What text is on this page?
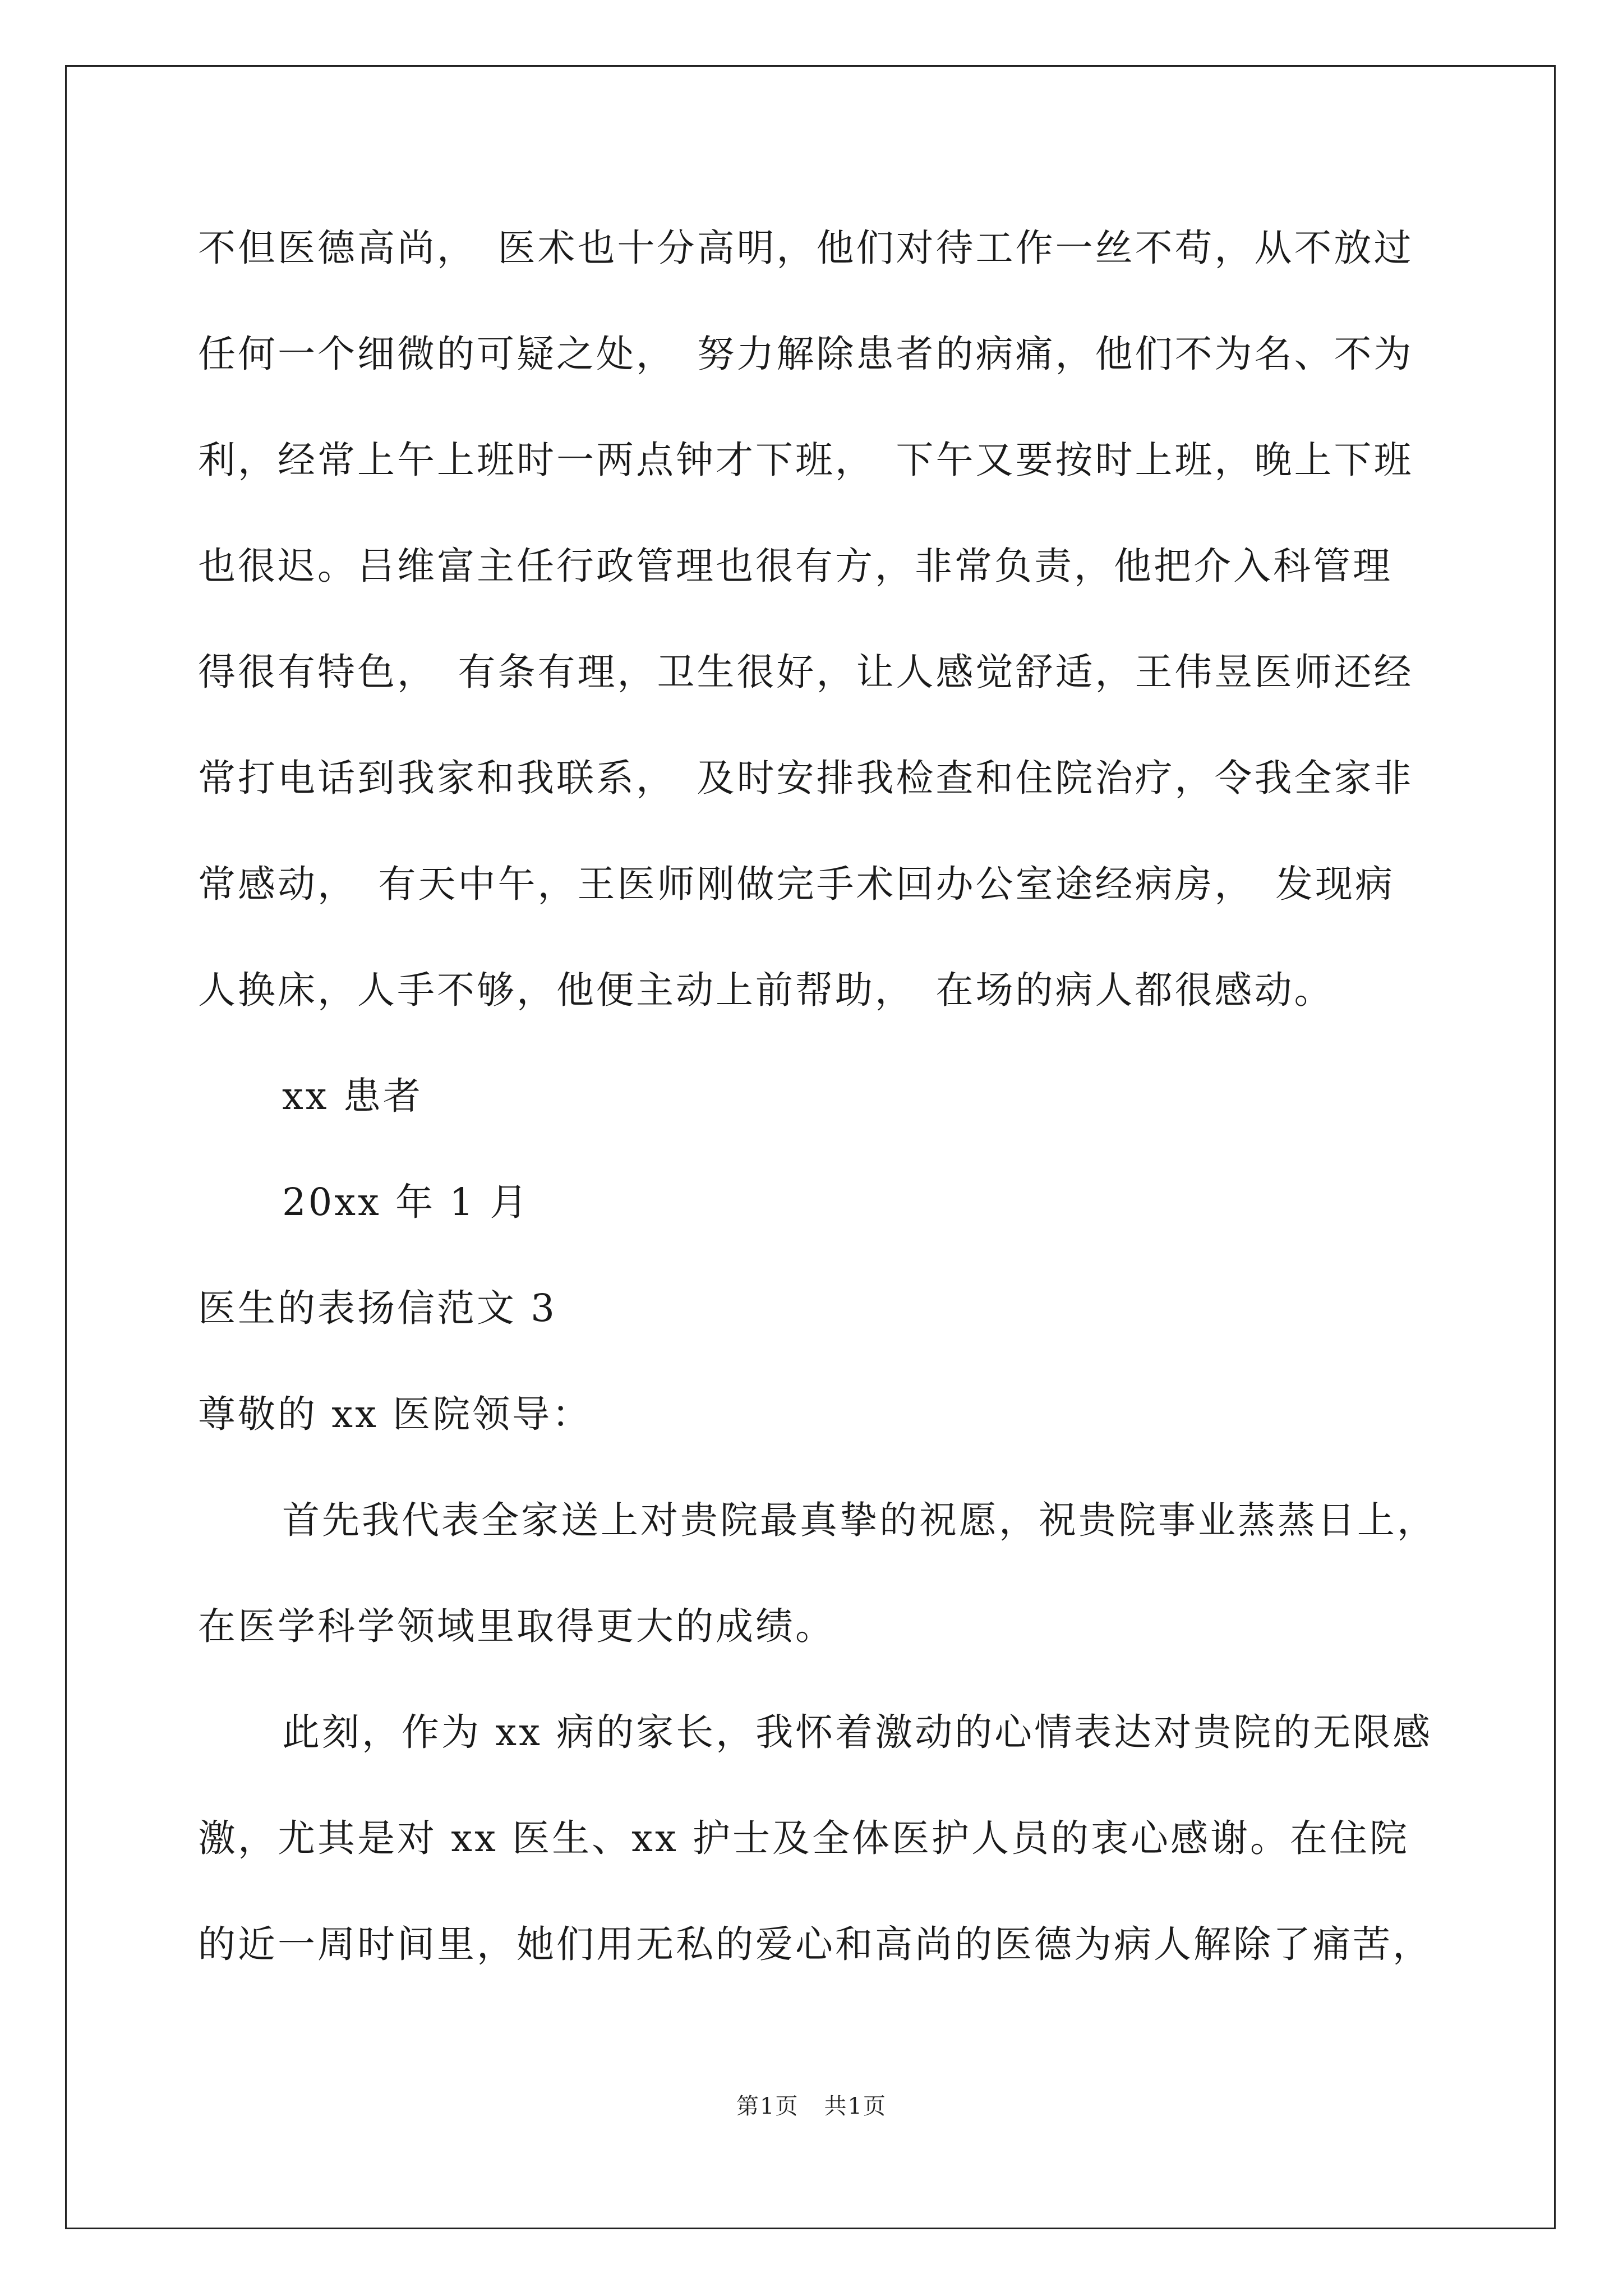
不但医德高尚，　医术也十分高明，他们对待工作一丝不苟，从不放过
任何一个细微的可疑之处，　努力解除患者的病痛，他们不为名、不为
利，经常上午上班时一两点钟才下班，　下午又要按时上班，晚上下班
也很迟。吕维富主任行政管理也很有方，非常负责，他把介入科管理
得很有特色，　有条有理，卫生很好，让人感觉舒适，王伟昱医师还经
常打电话到我家和我联系，　及时安排我检查和住院治疗，令我全家非
常感动，　有天中午，王医师刚做完手术回办公室途经病房，　发现病
人换床，人手不够，他便主动上前帮助，　在场的病人都很感动。
xx 患者
20xx 年 1 月
医生的表扬信范文 3
尊敬的 xx 医院领导：
首先我代表全家送上对贵院最真挚的祝愿，祝贵院事业蒸蒸日上，
在医学科学领域里取得更大的成绩。
此刻，作为 xx 病的家长，我怀着激动的心情表达对贵院的无限感
激，尤其是对 xx 医生、xx 护士及全体医护人员的衷心感谢。在住院
的近一周时间里，她们用无私的爱心和高尚的医德为病人解除了痛苦，
第1页 共1页
